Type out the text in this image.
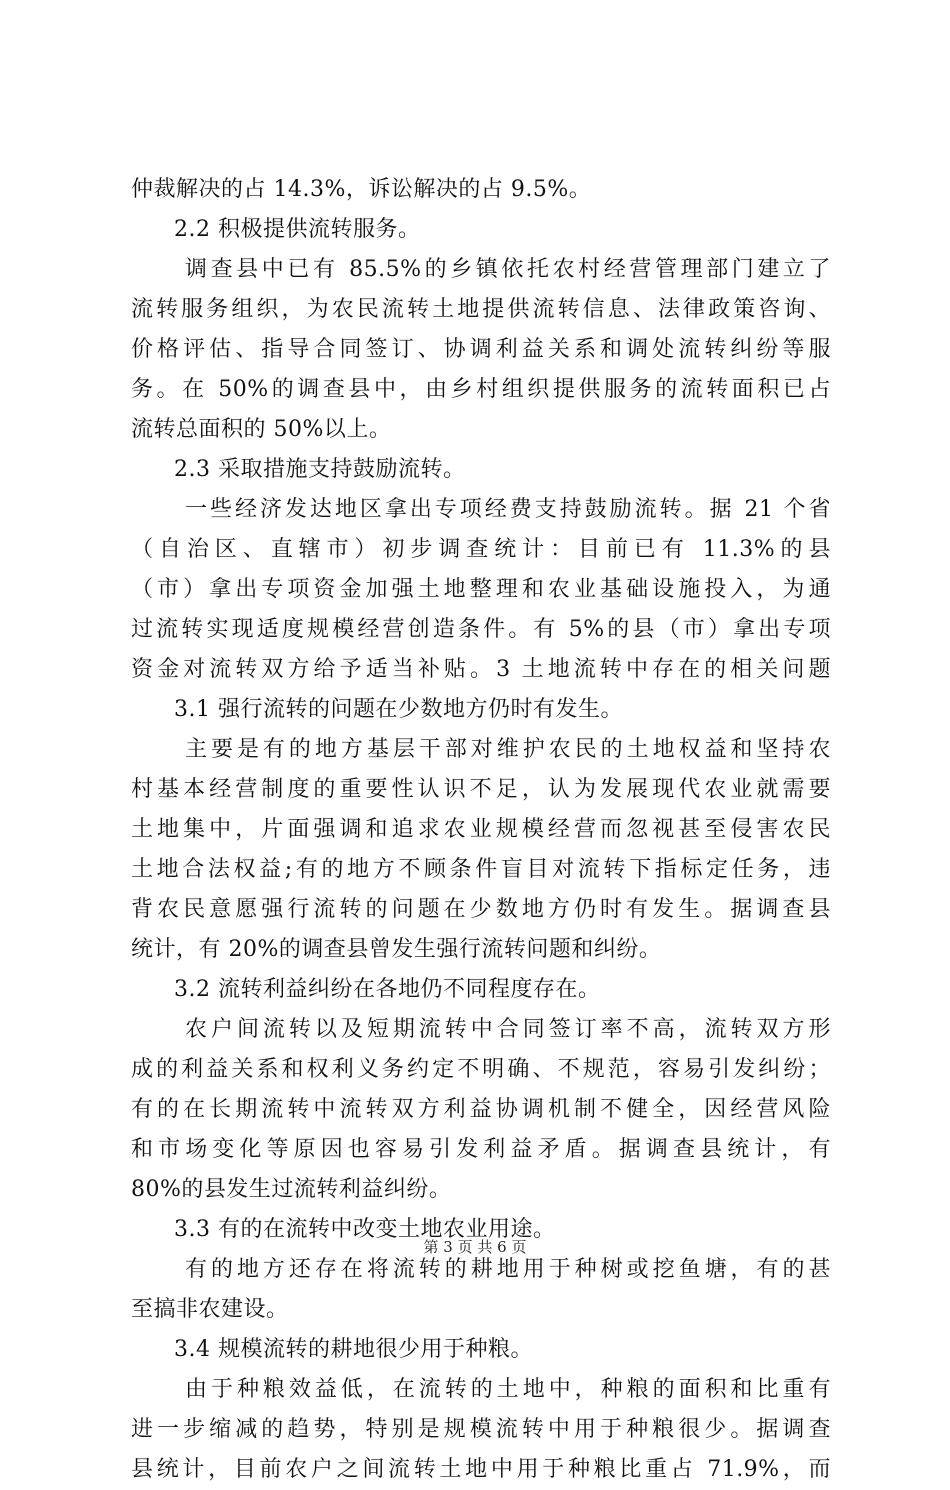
仲裁解决的占 14.3%，诉讼解决的占 9.5%。
2.2 积极提供流转服务。
调查县中已有 85.5%的乡镇依托农村经营管理部门建立了
流转服务组织，为农民流转土地提供流转信息、法律政策咨询、
价格评估、指导合同签订、协调利益关系和调处流转纠纷等服
务。在 50%的调查县中，由乡村组织提供服务的流转面积已占
流转总面积的 50%以上。
2.3 采取措施支持鼓励流转。
一些经济发达地区拿出专项经费支持鼓励流转。据 21 个省
（自治区、直辖市）初步调查统计：目前已有 11.3%的县
（市）拿出专项资金加强土地整理和农业基础设施投入，为通
过流转实现适度规模经营创造条件。有 5%的县（市）拿出专项
资金对流转双方给予适当补贴。3 土地流转中存在的相关问题
3.1 强行流转的问题在少数地方仍时有发生。
主要是有的地方基层干部对维护农民的土地权益和坚持农
村基本经营制度的重要性认识不足，认为发展现代农业就需要
土地集中，片面强调和追求农业规模经营而忽视甚至侵害农民
土地合法权益;有的地方不顾条件盲目对流转下指标定任务，违
背农民意愿强行流转的问题在少数地方仍时有发生。据调查县
统计，有 20%的调查县曾发生强行流转问题和纠纷。
3.2 流转利益纠纷在各地仍不同程度存在。
农户间流转以及短期流转中合同签订率不高，流转双方形
成的利益关系和权利义务约定不明确、不规范，容易引发纠纷；
有的在长期流转中流转双方利益协调机制不健全，因经营风险
和市场变化等原因也容易引发利益矛盾。据调查县统计，有
80%的县发生过流转利益纠纷。
3.3 有的在流转中改变土地农业用途。
有的地方还存在将流转的耕地用于种树或挖鱼塘，有的甚
至搞非农建设。
3.4 规模流转的耕地很少用于种粮。
由于种粮效益低，在流转的土地中，种粮的面积和比重有
进一步缩减的趋势，特别是规模流转中用于种粮很少。据调查
县统计，目前农户之间流转土地中用于种粮比重占 71.9%，而
第 3 页 共 6 页
